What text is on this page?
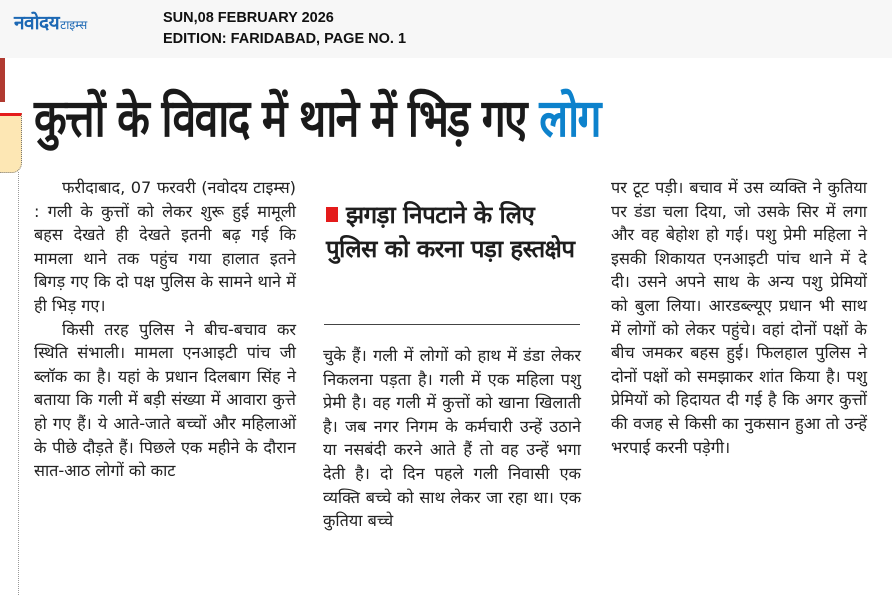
नवोदय टाइम्स	SUN,08 FEBRUARY 2026
EDITION: FARIDABAD, PAGE NO. 1
कुत्तों के विवाद में थाने में भिड़ गए लोग

फरीदाबाद, 07 फरवरी (नवोदय टाइम्स) : गली के कुत्तों को लेकर शुरू हुई मामूली बहस देखते ही देखते इतनी बढ़ गई कि मामला थाने तक पहुंच गया हालात इतने बिगड़ गए कि दो पक्ष पुलिस के सामने थाने में ही भिड़ गए।

किसी तरह पुलिस ने बीच-बचाव कर स्थिति संभाली। मामला एनआइटी पांच जी ब्लॉक का है। यहां के प्रधान दिलबाग सिंह ने बताया कि गली में बड़ी संख्या में आवारा कुत्ते हो गए हैं। ये आते-जाते बच्चों और महिलाओं के पीछे दौड़ते हैं। पिछले एक महीने के दौरान सात-आठ लोगों को काट

झगड़ा निपटाने के लिए पुलिस को करना पड़ा हस्तक्षेप

चुके हैं। गली में लोगों को हाथ में डंडा लेकर निकलना पड़ता है। गली में एक महिला पशु प्रेमी है। वह गली में कुत्तों को खाना खिलाती है। जब नगर निगम के कर्मचारी उन्हें उठाने या नसबंदी करने आते हैं तो वह उन्हें भगा देती है। दो दिन पहले गली निवासी एक व्यक्ति बच्चे को साथ लेकर जा रहा था। एक कुतिया बच्चे

पर टूट पड़ी। बचाव में उस व्यक्ति ने कुतिया पर डंडा चला दिया, जो उसके सिर में लगा और वह बेहोश हो गई। पशु प्रेमी महिला ने इसकी शिकायत एनआइटी पांच थाने में दे दी। उसने अपने साथ के अन्य पशु प्रेमियों को बुला लिया। आरडब्ल्यूए प्रधान भी साथ में लोगों को लेकर पहुंचे। वहां दोनों पक्षों के बीच जमकर बहस हुई। फिलहाल पुलिस ने दोनों पक्षों को समझाकर शांत किया है। पशु प्रेमियों को हिदायत दी गई है कि अगर कुत्तों की वजह से किसी का नुकसान हुआ तो उन्हें भरपाई करनी पड़ेगी।
